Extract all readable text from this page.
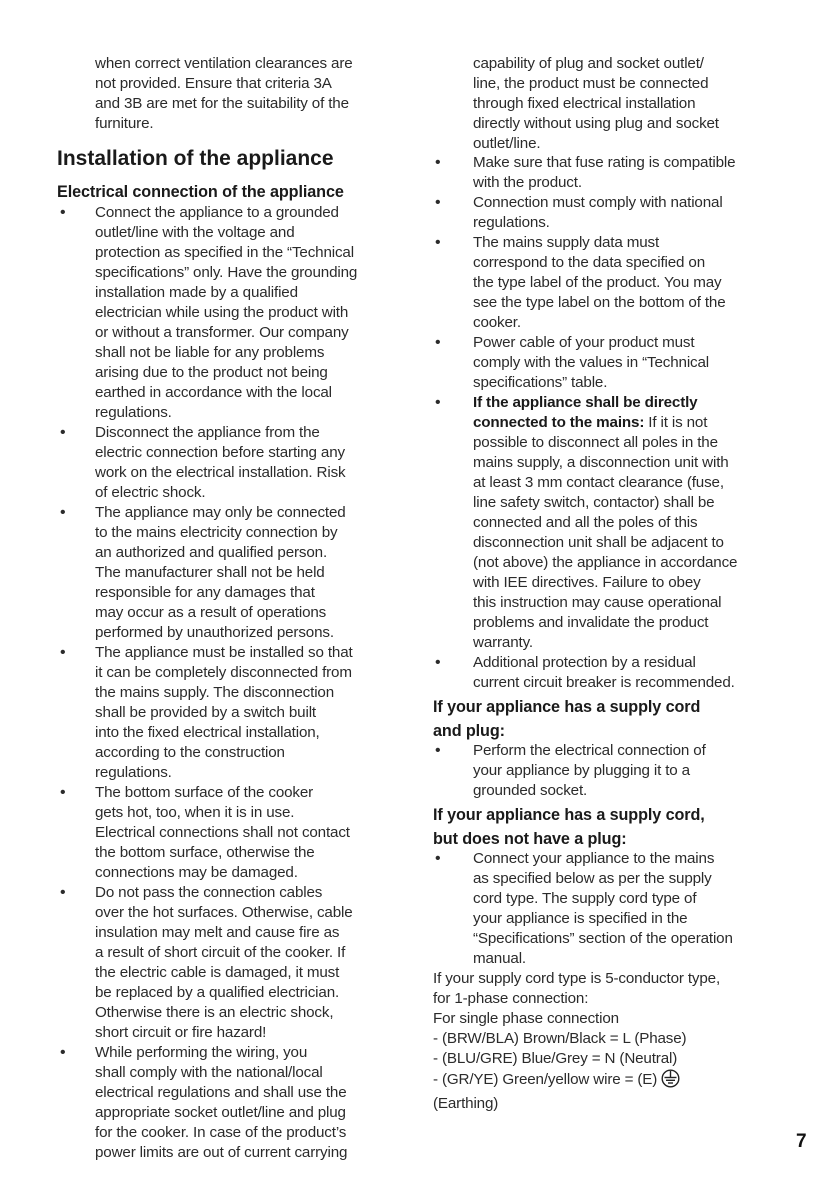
when correct ventilation clearances are
not provided. Ensure that criteria 3A
and 3B are met for the suitability of the
furniture.
Installation of the appliance
Electrical connection of the appliance
• Connect the appliance to a grounded
outlet/line with the voltage and
protection as specified in the “Technical
specifications” only. Have the grounding
installation made by a qualified
electrician while using the product with
or without a transformer. Our company
shall not be liable for any problems
arising due to the product not being
earthed in accordance with the local
regulations.
• Disconnect the appliance from the
electric connection before starting any
work on the electrical installation. Risk
of electric shock.
• The appliance may only be connected
to the mains electricity connection by
an authorized and qualified person.
The manufacturer shall not be held
responsible for any damages that
may occur as a result of operations
performed by unauthorized persons.
• The appliance must be installed so that
it can be completely disconnected from
the mains supply. The disconnection
shall be provided by a switch built
into the fixed electrical installation,
according to the construction
regulations.
• The bottom surface of the cooker
gets hot, too, when it is in use.
Electrical connections shall not contact
the bottom surface, otherwise the
connections may be damaged.
• Do not pass the connection cables
over the hot surfaces. Otherwise, cable
insulation may melt and cause fire as
a result of short circuit of the cooker. If
the electric cable is damaged, it must
be replaced by a qualified electrician.
Otherwise there is an electric shock,
short circuit or fire hazard!
• While performing the wiring, you
shall comply with the national/local
electrical regulations and shall use the
appropriate socket outlet/line and plug
for the cooker. In case of the product’s
power limits are out of current carrying
capability of plug and socket outlet/
line, the product must be connected
through fixed electrical installation
directly without using plug and socket
outlet/line.
• Make sure that fuse rating is compatible
with the product.
• Connection must comply with national
regulations.
• The mains supply data must
correspond to the data specified on
the type label of the product. You may
see the type label on the bottom of the
cooker.
• Power cable of your product must
comply with the values in “Technical
specifications” table.
• If the appliance shall be directly
connected to the mains: If it is not
possible to disconnect all poles in the
mains supply, a disconnection unit with
at least 3 mm contact clearance (fuse,
line safety switch, contactor) shall be
connected and all the poles of this
disconnection unit shall be adjacent to
(not above) the appliance in accordance
with IEE directives. Failure to obey
this instruction may cause operational
problems and invalidate the product
warranty.
• Additional protection by a residual
current circuit breaker is recommended.
If your appliance has a supply cord
and plug:
• Perform the electrical connection of
your appliance by plugging it to a
grounded socket.
If your appliance has a supply cord,
but does not have a plug:
• Connect your appliance to the mains
as specified below as per the supply
cord type. The supply cord type of
your appliance is specified in the
“Specifications” section of the operation
manual.
If your supply cord type is 5-conductor type,
for 1-phase connection:
For single phase connection
- (BRW/BLA) Brown/Black = L (Phase)
- (BLU/GRE) Blue/Grey = N (Neutral)
- (GR/YE) Green/yellow wire = (E)
(Earthing)
7
